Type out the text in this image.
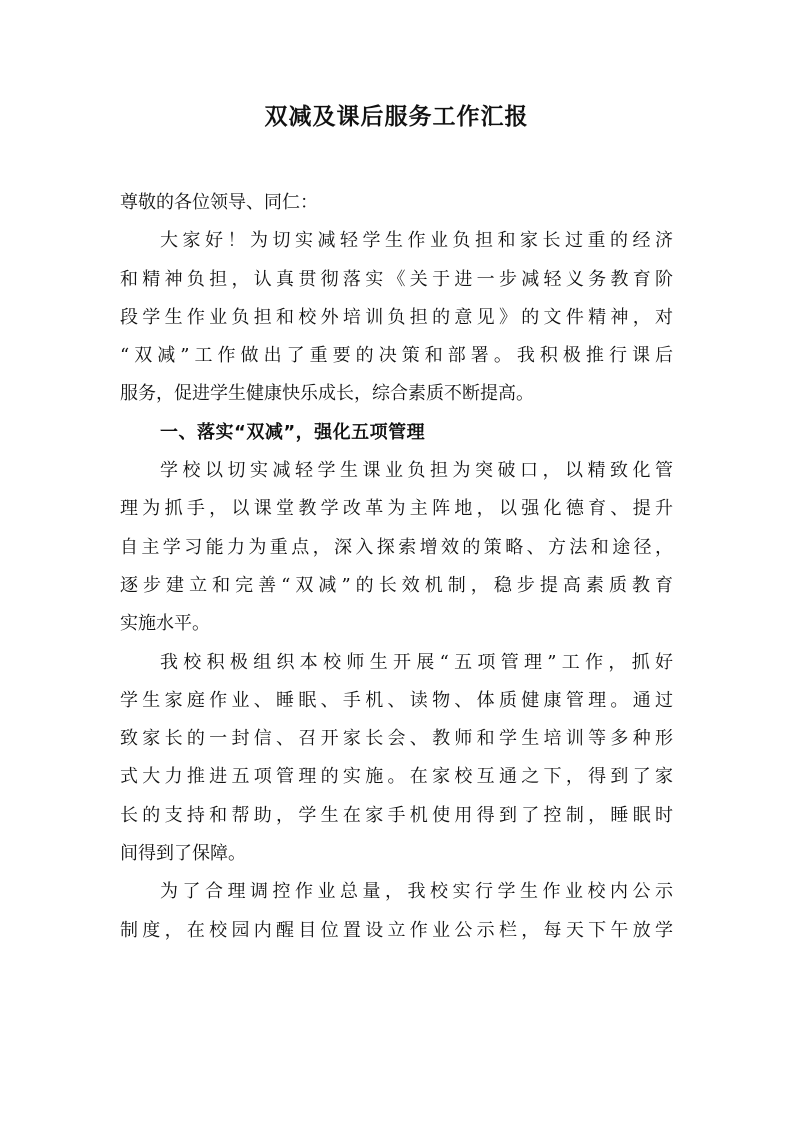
双减及课后服务工作汇报
尊敬的各位领导、同仁：
大家好！为切实减轻学生作业负担和家长过重的经济
和精神负担，认真贯彻落实《关于进一步减轻义务教育阶
段学生作业负担和校外培训负担的意见》的文件精神，对
“双减”工作做出了重要的决策和部署。我积极推行课后
服务，促进学生健康快乐成长，综合素质不断提高。
一、落实“双减”，强化五项管理
学校以切实减轻学生课业负担为突破口，以精致化管
理为抓手，以课堂教学改革为主阵地，以强化德育、提升
自主学习能力为重点，深入探索增效的策略、方法和途径，
逐步建立和完善“双减”的长效机制，稳步提高素质教育
实施水平。
我校积极组织本校师生开展“五项管理”工作，抓好
学生家庭作业、睡眠、手机、读物、体质健康管理。通过
致家长的一封信、召开家长会、教师和学生培训等多种形
式大力推进五项管理的实施。在家校互通之下，得到了家
长的支持和帮助，学生在家手机使用得到了控制，睡眠时
间得到了保障。
为了合理调控作业总量，我校实行学生作业校内公示
制度，在校园内醒目位置设立作业公示栏，每天下午放学
